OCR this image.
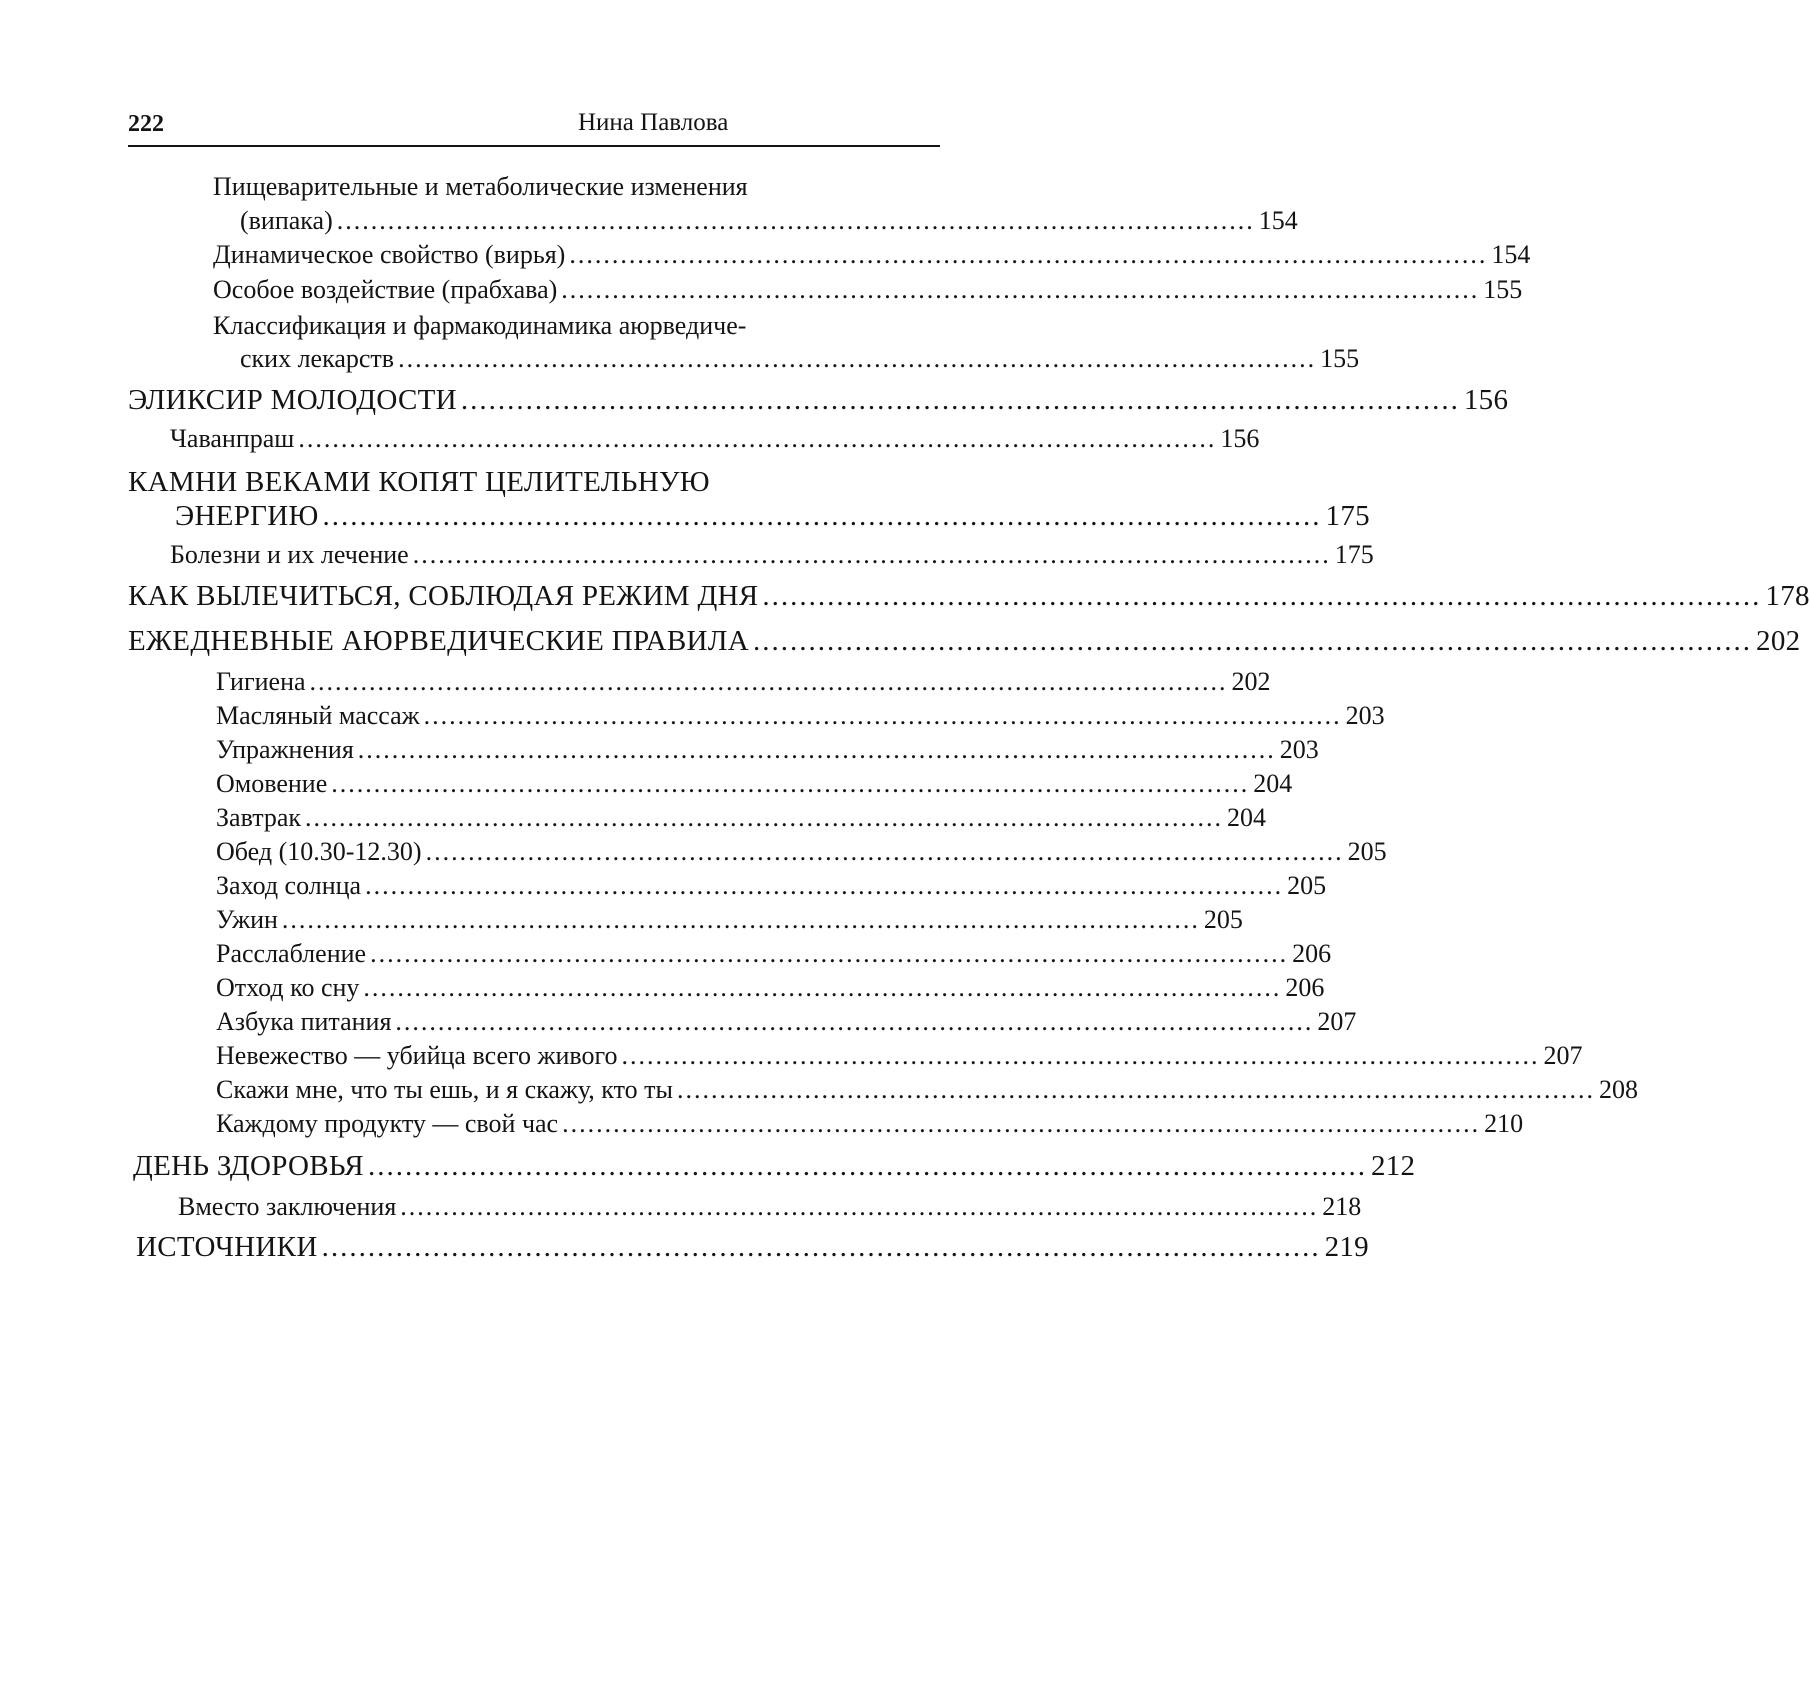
222	Нина Павлова
Пищеварительные и метаболические изменения
(випака) ............................................................................................................ 154
Динамическое свойство (вирья) ............................................................................................................ 154
Особое воздействие (прабхава) ............................................................................................................ 155
Классификация и фармакодинамика аюрведиче-
ских лекарств ............................................................................................................ 155
ЭЛИКСИР МОЛОДОСТИ ............................................................................................................ 156
Чаванпраш ............................................................................................................ 156
КАМНИ ВЕКАМИ КОПЯТ ЦЕЛИТЕЛЬНУЮ
ЭНЕРГИЮ ............................................................................................................ 175
Болезни и их лечение ............................................................................................................ 175
КАК ВЫЛЕЧИТЬСЯ, СОБЛЮДАЯ РЕЖИМ ДНЯ ............................................................................................................ 178
ЕЖЕДНЕВНЫЕ АЮРВЕДИЧЕСКИЕ ПРАВИЛА ............................................................................................................ 202
Гигиена ............................................................................................................ 202
Масляный массаж ............................................................................................................ 203
Упражнения ............................................................................................................ 203
Омовение ............................................................................................................ 204
Завтрак ............................................................................................................ 204
Обед (10.30-12.30) ............................................................................................................ 205
Заход солнца ............................................................................................................ 205
Ужин ............................................................................................................ 205
Расслабление ............................................................................................................ 206
Отход ко сну ............................................................................................................ 206
Азбука питания ............................................................................................................ 207
Невежество — убийца всего живого ............................................................................................................ 207
Скажи мне, что ты ешь, и я скажу, кто ты ............................................................................................................ 208
Каждому продукту — свой час ............................................................................................................ 210
ДЕНЬ ЗДОРОВЬЯ ............................................................................................................ 212
Вместо заключения ............................................................................................................ 218
ИСТОЧНИКИ ............................................................................................................ 219
